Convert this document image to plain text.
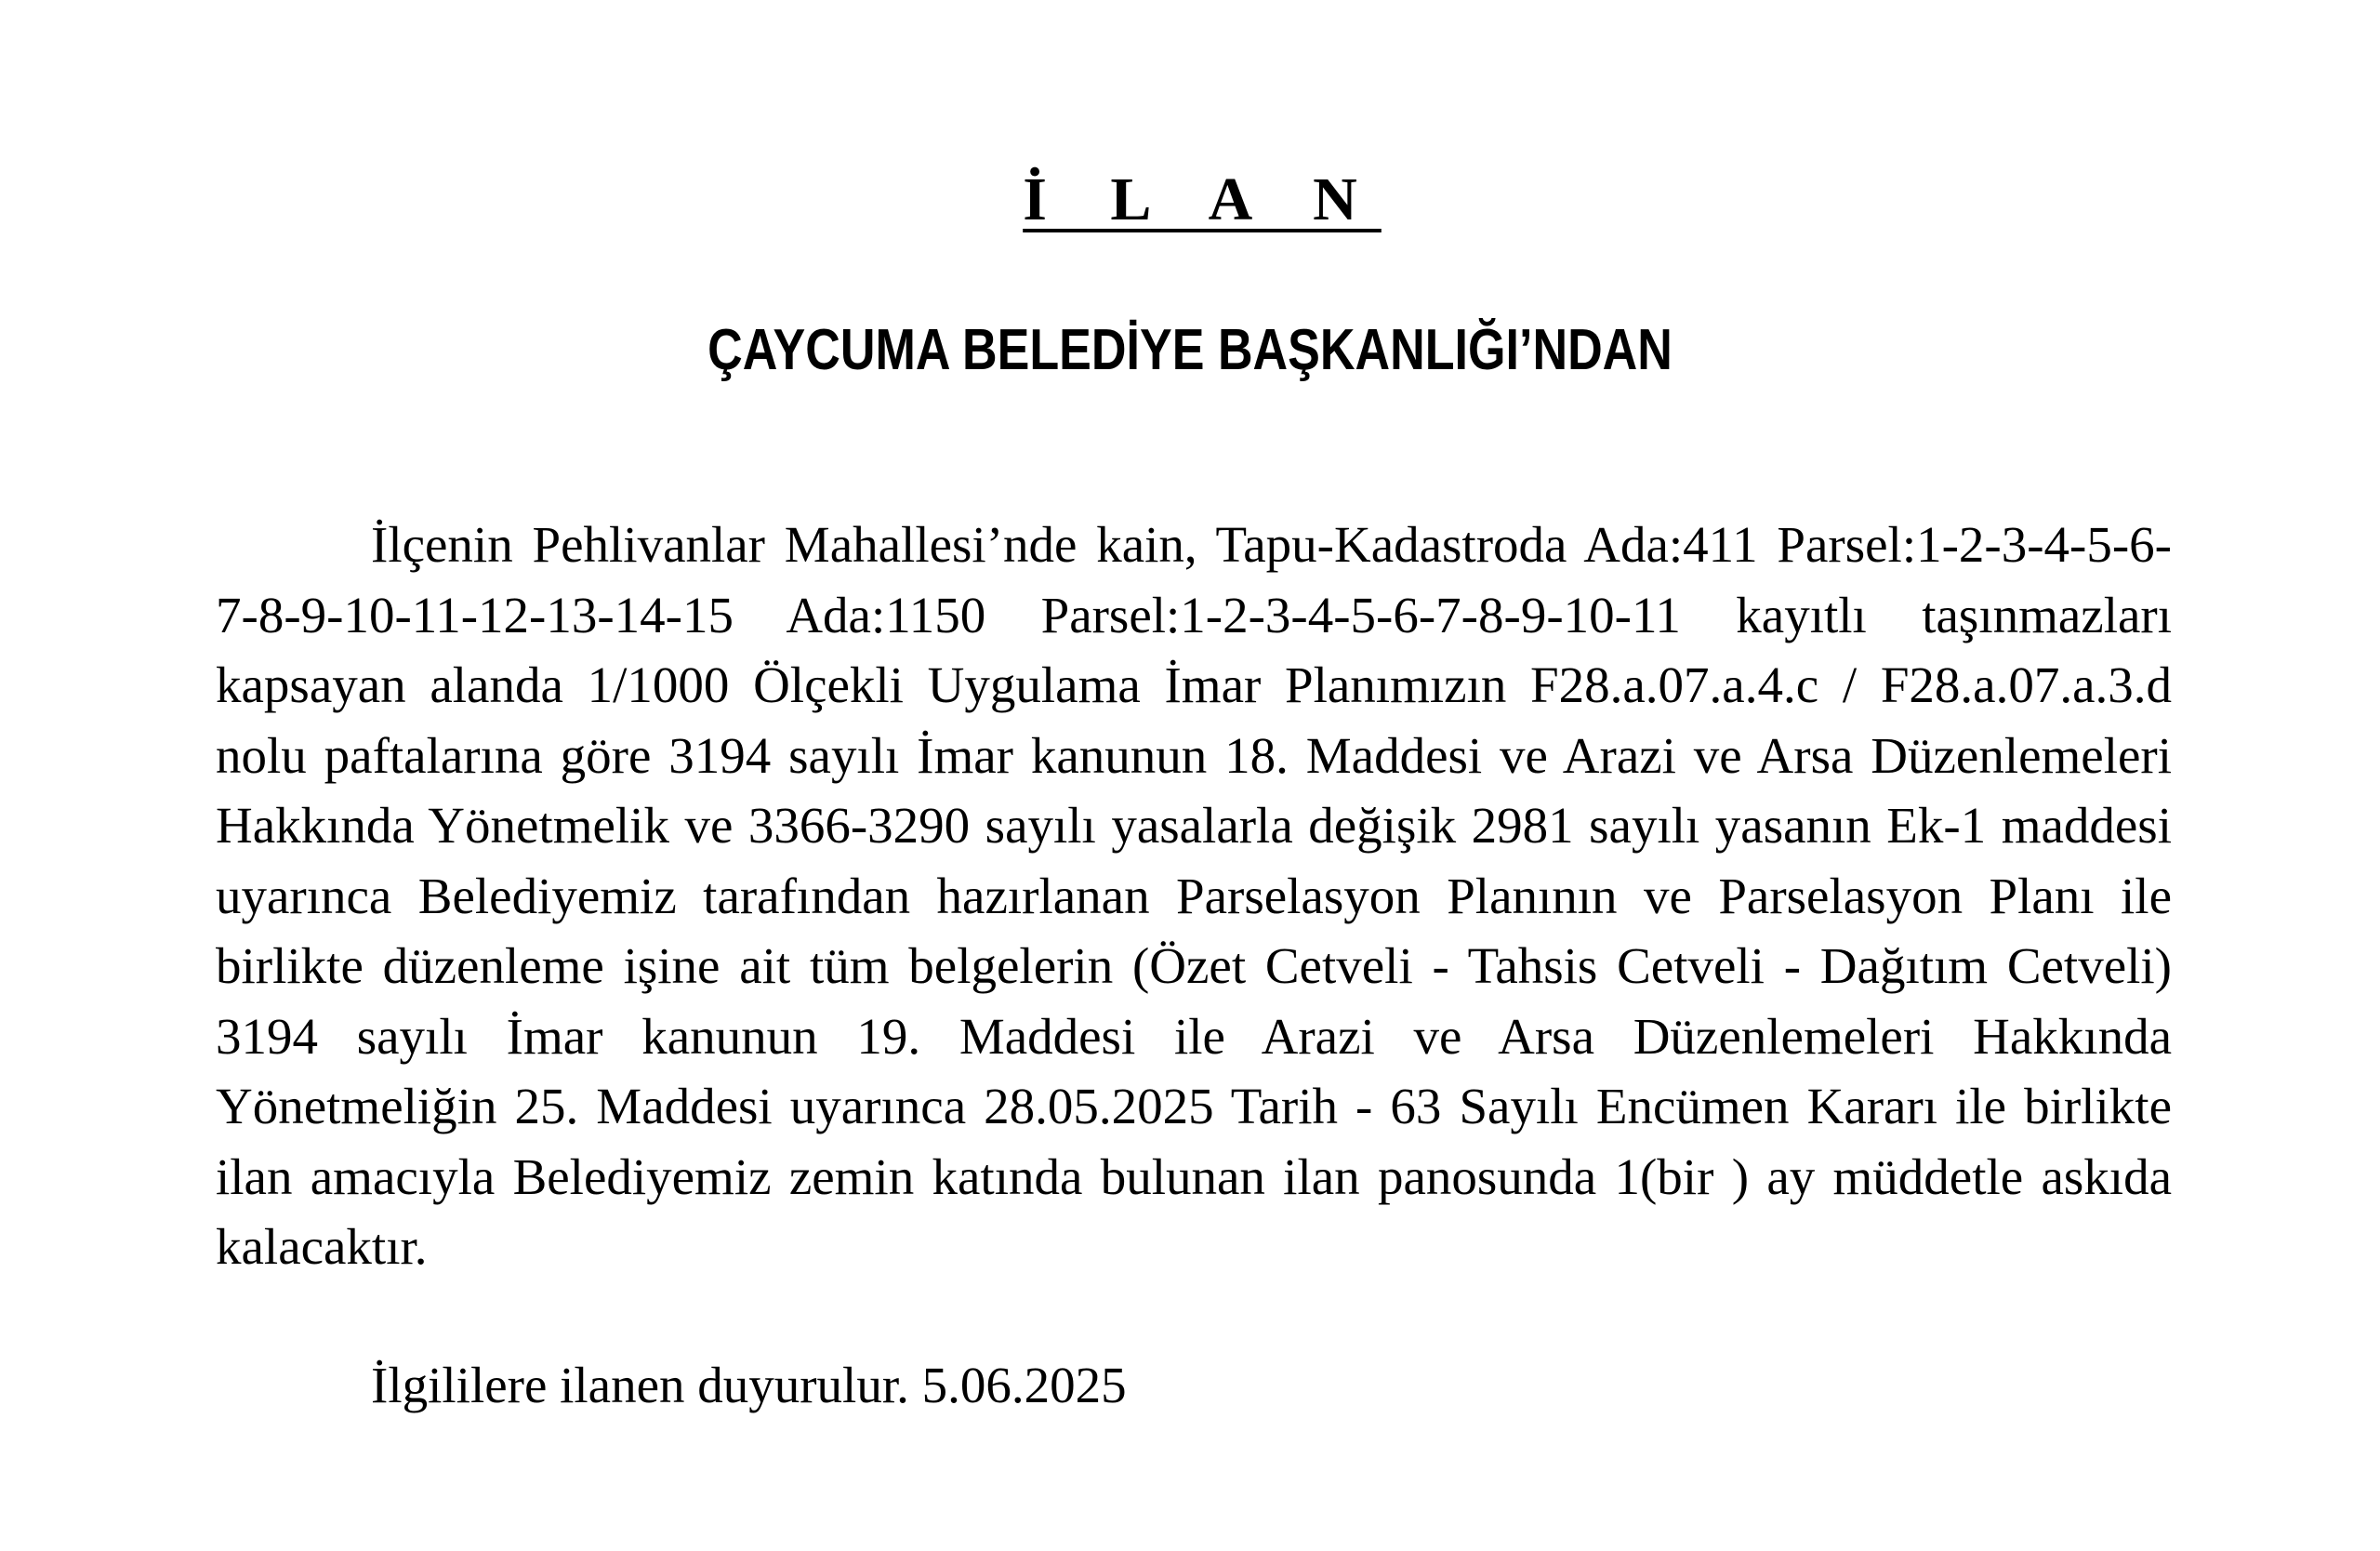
İ L A N
ÇAYCUMA BELEDİYE BAŞKANLIĞI’NDAN

İlçenin Pehlivanlar Mahallesi’nde kain, Tapu-Kadastroda Ada:411 Parsel:1-2-3-4-5-6-7-8-9-10-11-12-13-14-15 Ada:1150 Parsel:1-2-3-4-5-6-7-8-9-10-11 kayıtlı taşınmazları kapsayan alanda 1/1000 Ölçekli Uygulama İmar Planımızın F28.a.07.a.4.c / F28.a.07.a.3.d nolu paftalarına göre 3194 sayılı İmar kanunun 18. Maddesi ve Arazi ve Arsa Düzenlemeleri Hakkında Yönetmelik ve 3366-3290 sayılı yasalarla değişik 2981 sayılı yasanın Ek-1 maddesi uyarınca Belediyemiz tarafından hazırlanan Parselasyon Planının ve Parselasyon Planı ile birlikte düzenleme işine ait tüm belgelerin (Özet Cetveli - Tahsis Cetveli - Dağıtım Cetveli) 3194 sayılı İmar kanunun 19. Maddesi ile Arazi ve Arsa Düzenlemeleri Hakkında Yönetmeliğin 25. Maddesi uyarınca 28.05.2025 Tarih - 63 Sayılı Encümen Kararı ile birlikte ilan amacıyla Belediyemiz zemin katında bulunan ilan panosunda 1(bir ) ay müddetle askıda kalacaktır.

İlgililere ilanen duyurulur. 5.06.2025
